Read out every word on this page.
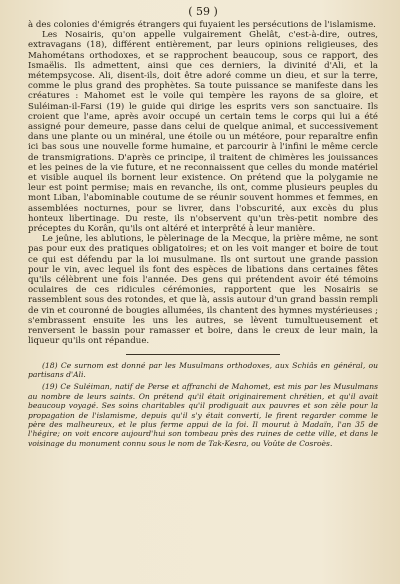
( 59 )

à des colonies d'émigrés étrangers qui fuyaient les persécutions de l'islamisme.

Les Nosairis, qu'on appelle vulgairement Ghelât, c'est-à-dire, outres, extravagans (18), différent entièrement, par leurs opinions religieuses, des Mahométans orthodoxes, et se rapprochent beaucoup, sous ce rapport, des Ismaëlis. Ils admettent, ainsi que ces derniers, la divinité d'Ali, et la métempsycose. Ali, disent-ils, doit être adoré comme un dieu, et sur la terre, comme le plus grand des prophètes. Sa toute puissance se manifeste dans les créatures : Mahomet est le voile qui tempère les rayons de sa gloire, et Suléiman-il-Farsi (19) le guide qui dirige les esprits vers son sanctuaire. Ils croient que l'ame, après avoir occupé un certain tems le corps qui lui a été assigné pour demeure, passe dans celui de quelque animal, et successivement dans une plante ou un minéral, une étoile ou un météore, pour reparaître enfin ici bas sous une nouvelle forme humaine, et parcourir à l'infini le même cercle de transmigrations. D'après ce principe, il traitent de chimères les jouissances et les peines de la vie future, et ne reconnaissent que celles du monde matériel et visible auquel ils bornent leur existence. On prétend que la polygamie ne leur est point permise; mais en revanche, ils ont, comme plusieurs peuples du mont Liban, l'abominable coutume de se réunir souvent hommes et femmes, en assemblées nocturnes, pour se livrer, dans l'obscurité, aux excès du plus honteux libertinage. Du reste, ils n'observent qu'un très-petit nombre des préceptes du Korân, qu'ils ont altéré et interprêté à leur manière.

Le jeûne, les ablutions, le pèlerinage de la Mecque, la prière même, ne sont pas pour eux des pratiques obligatoires; et on les voit manger et boire de tout ce qui est défendu par la loi musulmane. Ils ont surtout une grande passion pour le vin, avec lequel ils font des espèces de libations dans certaines fêtes qu'ils célèbrent une fois l'année. Des gens qui prétendent avoir été témoins oculaires de ces ridicules cérémonies, rapportent que les Nosairis se rassemblent sous des rotondes, et que là, assis autour d'un grand bassin rempli de vin et couronné de bougies allumées, ils chantent des hymnes mystérieuses ; s'embrassent ensuite les uns les autres, se lèvent tumultueusement et renversent le bassin pour ramasser et boire, dans le creux de leur main, la liqueur qu'ils ont répandue.

(18) Ce surnom est donné par les Musulmans orthodoxes, aux Schiâs en général, ou partisans d'Ali.

(19) Ce Suléiman, natif de Perse et affranchi de Mahomet, est mis par les Musulmans au nombre de leurs saints. On prétend qu'il était originairement chrétien, et qu'il avait beaucoup voyagé. Ses soins charitables qu'il prodiguait aux pauvres et son zèle pour la propagation de l'islamisme, depuis qu'il s'y était converti, le firent regarder comme le père des malheureux, et le plus ferme appui de la foi. Il mourut à Madaïn, l'an 35 de l'hégire; on voit encore aujourd'hui son tombeau près des ruines de cette ville, et dans le voisinage du monument connu sous le nom de Tak-Kesra, ou Voûte de Cosroès.
